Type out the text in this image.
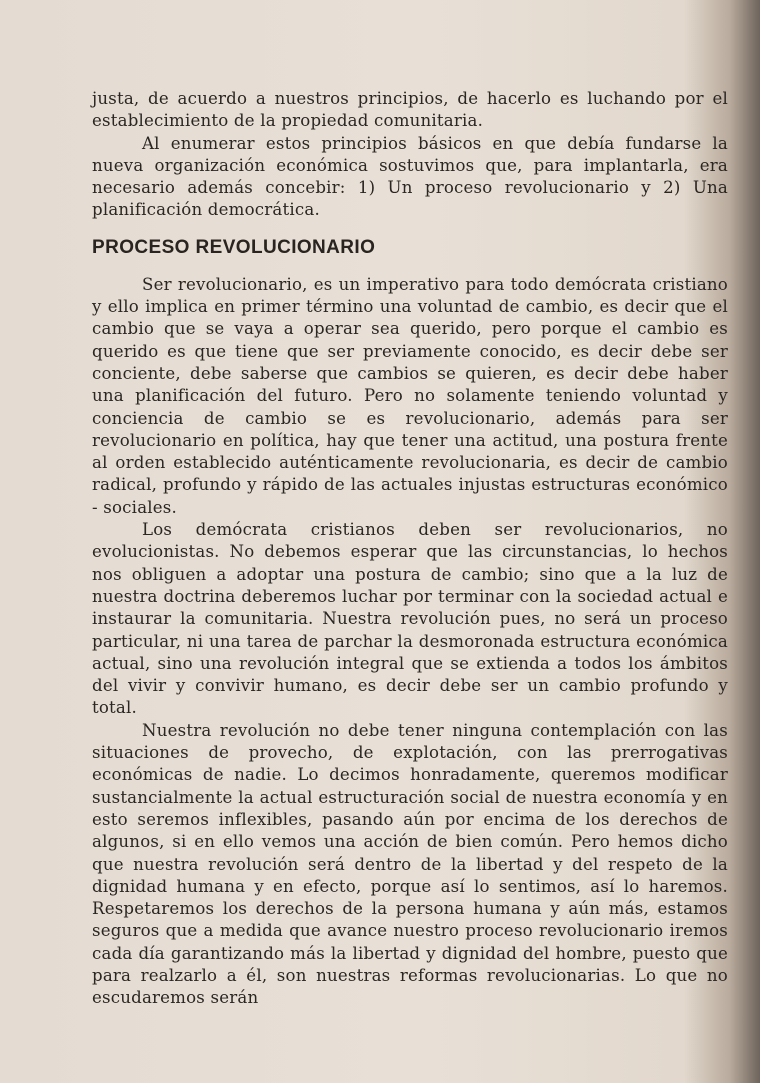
justa, de acuerdo a nuestros principios, de hacerlo es luchando por el establecimiento de la propiedad comunitaria.

Al enumerar estos principios básicos en que debía fundarse la nueva organización económica sostuvimos que, para implantarla, era necesario además concebir: 1) Un proceso revolucionario y 2) Una planificación democrática.

PROCESO REVOLUCIONARIO

Ser revolucionario, es un imperativo para todo demócrata cristiano y ello implica en primer término una voluntad de cambio, es decir que el cambio que se vaya a operar sea querido, pero porque el cambio es querido es que tiene que ser previamente conocido, es decir debe ser conciente, debe saberse que cambios se quieren, es decir debe haber una planificación del futuro. Pero no solamente teniendo voluntad y conciencia de cambio se es revolucionario, además para ser revolucionario en política, hay que tener una actitud, una postura frente al orden establecido auténticamente revolucionaria, es decir de cambio radical, profundo y rápido de las actuales injustas estructuras económico - sociales.

Los demócrata cristianos deben ser revolucionarios, no evolucionistas. No debemos esperar que las circunstancias, lo hechos nos obliguen a adoptar una postura de cambio; sino que a la luz de nuestra doctrina deberemos luchar por terminar con la sociedad actual e instaurar la comunitaria. Nuestra revolución pues, no será un proceso particular, ni una tarea de parchar la desmoronada estructura económica actual, sino una revolución integral que se extienda a todos los ámbitos del vivir y convivir humano, es decir debe ser un cambio profundo y total.

Nuestra revolución no debe tener ninguna contemplación con las situaciones de provecho, de explotación, con las prerrogativas económicas de nadie. Lo decimos honradamente, queremos modificar sustancialmente la actual estructuración social de nuestra economía y en esto seremos inflexibles, pasando aún por encima de los derechos de algunos, si en ello vemos una acción de bien común. Pero hemos dicho que nuestra revolución será dentro de la libertad y del respeto de la dignidad humana y en efecto, porque así lo sentimos, así lo haremos. Respetaremos los derechos de la persona humana y aún más, estamos seguros que a medida que avance nuestro proceso revolucionario iremos cada día garantizando más la libertad y dignidad del hombre, puesto que para realzarlo a él, son nuestras reformas revolucionarias. Lo que no escudaremos serán
